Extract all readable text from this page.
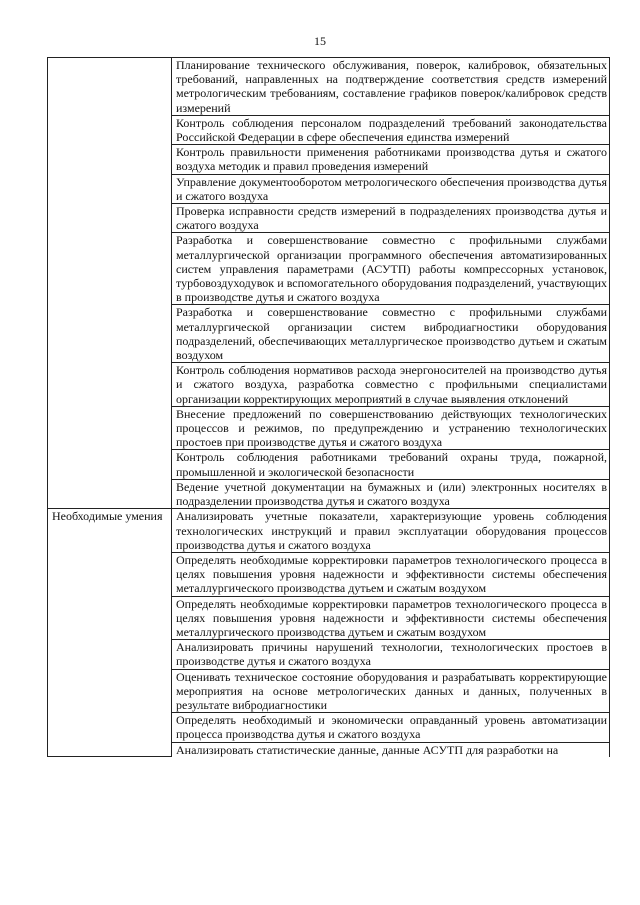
15
	Планирование технического обслуживания, поверок, калибровок, обязательных требований, направленных на подтверждение соответствия средств измерений метрологическим требованиям, составление графиков поверок/калибровок средств измерений
	Контроль соблюдения персоналом подразделений требований законодательства Российской Федерации в сфере обеспечения единства измерений
	Контроль правильности применения работниками производства дутья и сжатого воздуха методик и правил проведения измерений
	Управление документооборотом метрологического обеспечения производства дутья и сжатого воздуха
	Проверка исправности средств измерений в подразделениях производства дутья и сжатого воздуха
	Разработка и совершенствование совместно с профильными службами металлургической организации программного обеспечения автоматизированных систем управления параметрами (АСУТП) работы компрессорных установок, турбовоздуходувок и вспомогательного оборудования подразделений, участвующих в производстве дутья и сжатого воздуха
	Разработка и совершенствование совместно с профильными службами металлургической организации систем вибродиагностики оборудования подразделений, обеспечивающих металлургическое производство дутьем и сжатым воздухом
	Контроль соблюдения нормативов расхода энергоносителей на производство дутья и сжатого воздуха, разработка совместно с профильными специалистами организации корректирующих мероприятий в случае выявления отклонений
	Внесение предложений по совершенствованию действующих технологических процессов и режимов, по предупреждению и устранению технологических простоев при производстве дутья и сжатого воздуха
	Контроль соблюдения работниками требований охраны труда, пожарной, промышленной и экологической безопасности
	Ведение учетной документации на бумажных и (или) электронных носителях в подразделении производства дутья и сжатого воздуха
Необходимые умения	Анализировать учетные показатели, характеризующие уровень соблюдения технологических инструкций и правил эксплуатации оборудования процессов производства дутья и сжатого воздуха
	Определять необходимые корректировки параметров технологического процесса в целях повышения уровня надежности и эффективности системы обеспечения металлургического производства дутьем и сжатым воздухом
	Определять необходимые корректировки параметров технологического процесса в целях повышения уровня надежности и эффективности системы обеспечения металлургического производства дутьем и сжатым воздухом
	Анализировать причины нарушений технологии, технологических простоев в производстве дутья и сжатого воздуха
	Оценивать техническое состояние оборудования и разрабатывать корректирующие мероприятия на основе метрологических данных и данных, полученных в результате вибродиагностики
	Определять необходимый и экономически оправданный уровень автоматизации процесса производства дутья и сжатого воздуха
	Анализировать статистические данные, данные АСУТП для разработки на
